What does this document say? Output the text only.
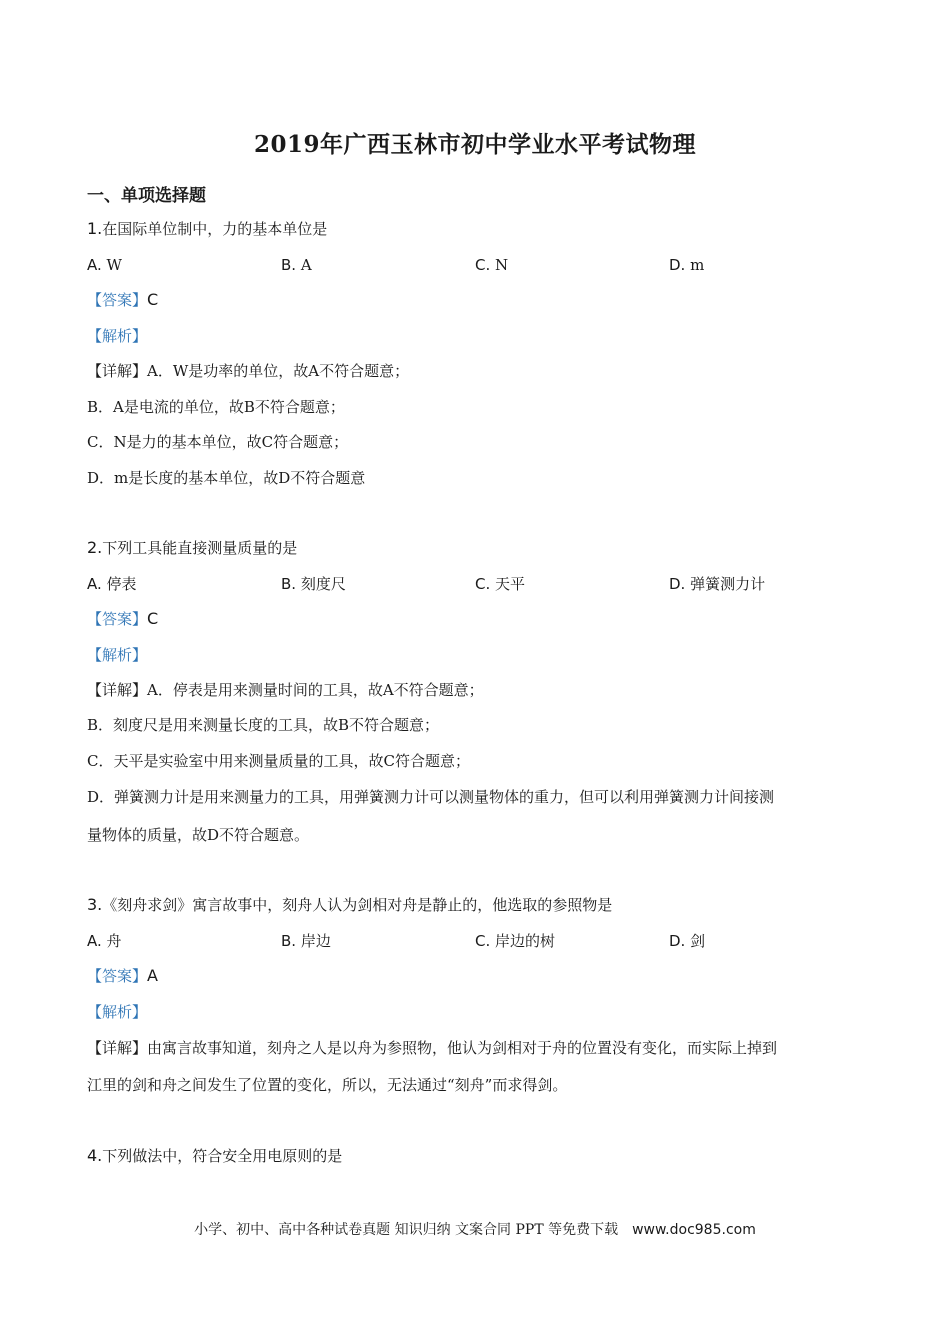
2019年广西玉林市初中学业水平考试物理
一、单项选择题
1.在国际单位制中，力的基本单位是
A. W	B. A	C. N	D. m
【答案】C
【解析】
【详解】A．W是功率的单位，故A不符合题意；
B．A是电流的单位，故B不符合题意；
C．N是力的基本单位，故C符合题意；
D．m是长度的基本单位，故D不符合题意
2.下列工具能直接测量质量的是
A. 停表	B. 刻度尺	C. 天平	D. 弹簧测力计
【答案】C
【解析】
【详解】A．停表是用来测量时间的工具，故A不符合题意；
B．刻度尺是用来测量长度的工具，故B不符合题意；
C．天平是实验室中用来测量质量的工具，故C符合题意；
D．弹簧测力计是用来测量力的工具，用弹簧测力计可以测量物体的重力，但可以利用弹簧测力计间接测
量物体的质量，故D不符合题意。
3.《刻舟求剑》寓言故事中，刻舟人认为剑相对舟是静止的，他选取的参照物是
A. 舟	B. 岸边	C. 岸边的树	D. 剑
【答案】A
【解析】
【详解】由寓言故事知道，刻舟之人是以舟为参照物，他认为剑相对于舟的位置没有变化，而实际上掉到
江里的剑和舟之间发生了位置的变化，所以，无法通过“刻舟”而求得剑。
4.下列做法中，符合安全用电原则的是
小学、初中、高中各种试卷真题 知识归纳 文案合同 PPT 等免费下载 www.doc985.com
